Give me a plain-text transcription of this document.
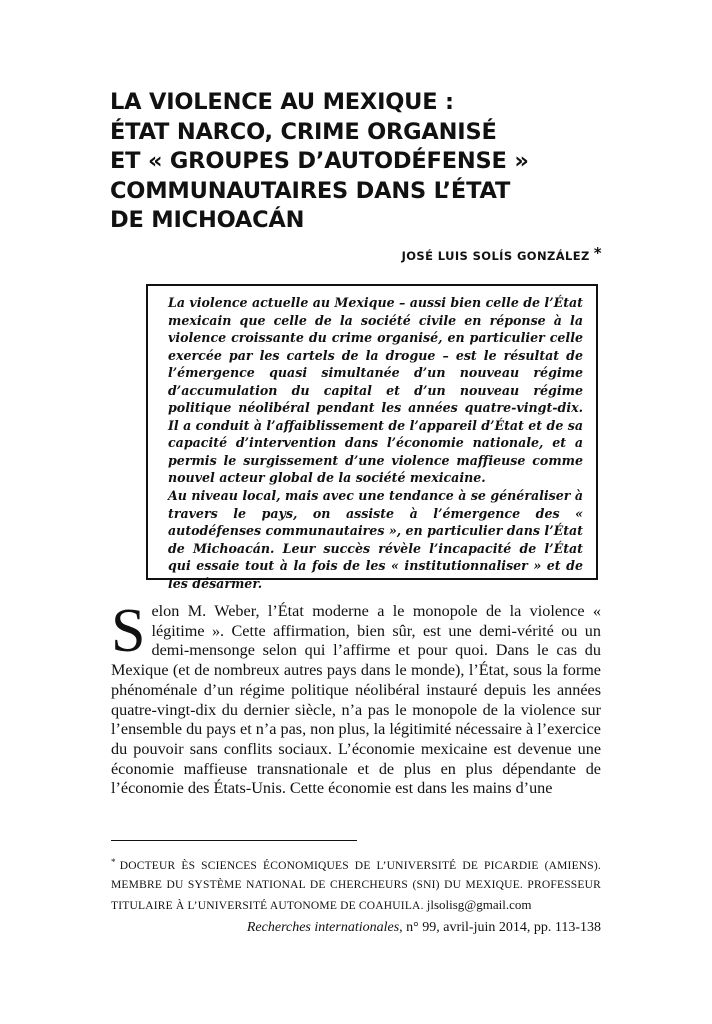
LA VIOLENCE AU MEXIQUE :
ÉTAT NARCO, CRIME ORGANISÉ
ET « GROUPES D’AUTODÉFENSE »
COMMUNAUTAIRES DANS L’ÉTAT
DE MICHOACÁN
JOSÉ LUIS SOLÍS GONZÁLEZ *

La violence actuelle au Mexique – aussi bien celle de l’État mexicain que celle de la société civile en réponse à la violence croissante du crime organisé, en particulier celle exercée par les cartels de la drogue – est le résultat de l’émergence quasi simultanée d’un nouveau régime d’accumulation du capital et d’un nouveau régime politique néolibéral pendant les années quatre-vingt-dix. Il a conduit à l’affaiblissement de l’appareil d’État et de sa capacité d’intervention dans l’économie nationale, et a permis le surgissement d’une violence maffieuse comme nouvel acteur global de la société mexicaine.

Au niveau local, mais avec une tendance à se généraliser à travers le pays, on assiste à l’émergence des « autodéfenses communautaires », en particulier dans l’État de Michoacán. Leur succès révèle l’incapacité de l’État qui essaie tout à la fois de les « institutionnaliser » et de les désarmer.

Selon M. Weber, l’État moderne a le monopole de la violence « légitime ». Cette affirmation, bien sûr, est une demi-vérité ou un demi-mensonge selon qui l’affirme et pour quoi. Dans le cas du Mexique (et de nombreux autres pays dans le monde), l’État, sous la forme phénoménale d’un régime politique néolibéral instauré depuis les années quatre-vingt-dix du dernier siècle, n’a pas le monopole de la violence sur l’ensemble du pays et n’a pas, non plus, la légitimité nécessaire à l’exercice du pouvoir sans conflits sociaux. L’économie mexicaine est devenue une économie maffieuse transnationale et de plus en plus dépendante de l’économie des États-Unis. Cette économie est dans les mains d’une

* DOCTEUR ÈS SCIENCES ÉCONOMIQUES DE L’UNIVERSITÉ DE PICARDIE (AMIENS). MEMBRE DU SYSTÈME NATIONAL DE CHERCHEURS (SNI) DU MEXIQUE. PROFESSEUR TITULAIRE À L’UNIVERSITÉ AUTONOME DE COAHUILA. jlsolisg@gmail.com
Recherches internationales, n° 99, avril-juin 2014, pp. 113-138
